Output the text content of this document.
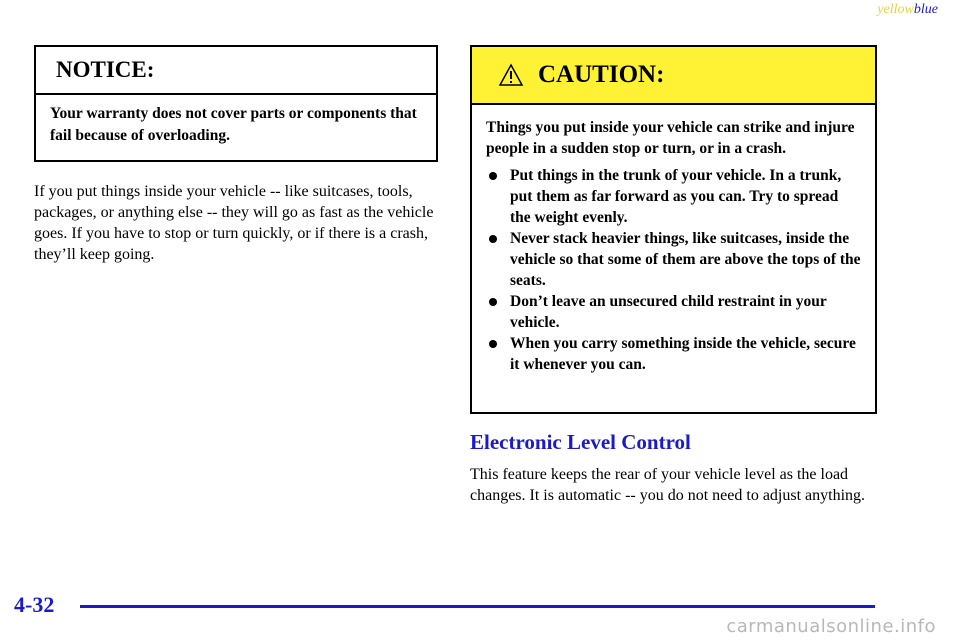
yellowblue
NOTICE:
Your warranty does not cover parts or components that fail because of overloading.
If you put things inside your vehicle -- like suitcases, tools, packages, or anything else -- they will go as fast as the vehicle goes. If you have to stop or turn quickly, or if there is a crash, they’ll keep going.
CAUTION:

Things you put inside your vehicle can strike and injure people in a sudden stop or turn, or in a crash.

Put things in the trunk of your vehicle. In a trunk, put them as far forward as you can. Try to spread the weight evenly.
Never stack heavier things, like suitcases, inside the vehicle so that some of them are above the tops of the seats.
Don’t leave an unsecured child restraint in your vehicle.
When you carry something inside the vehicle, secure it whenever you can.
Electronic Level Control
This feature keeps the rear of your vehicle level as the load changes. It is automatic -- you do not need to adjust anything.
4-32
carmanualsonline.info
